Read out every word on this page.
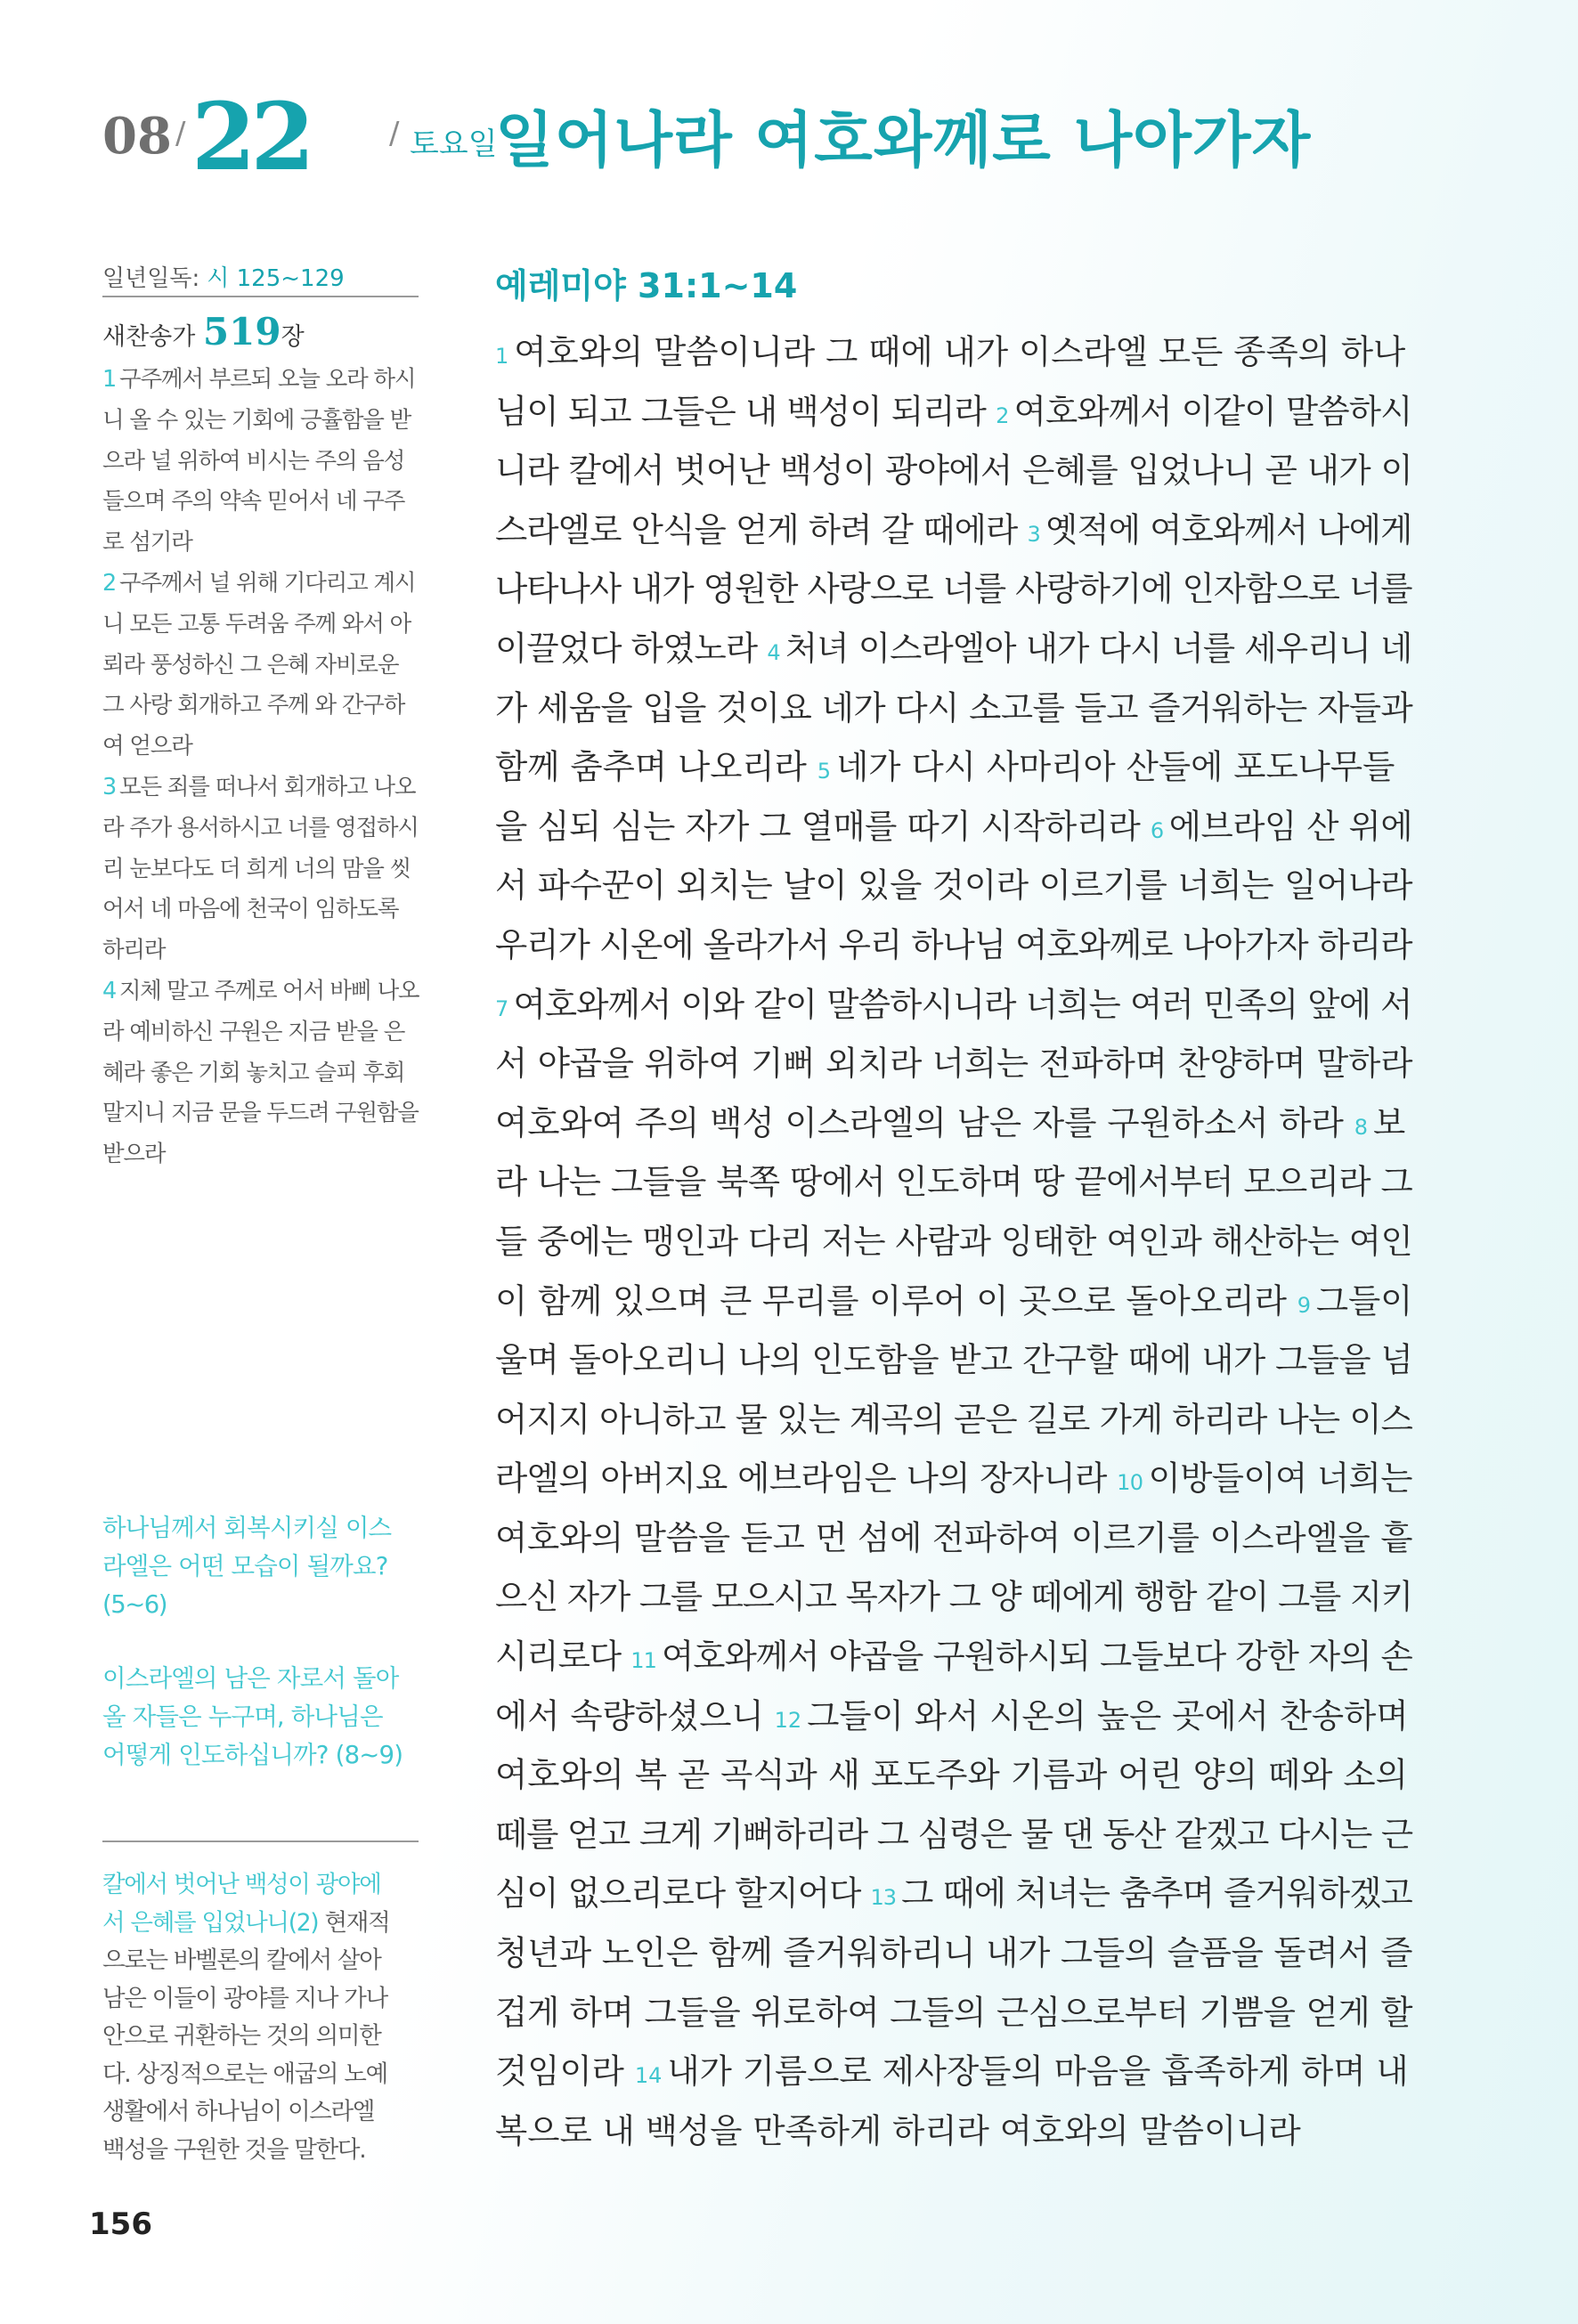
08 / 22	/ 토요일
일어나라 여호와께로 나아가자
일년일독: 시 125~129
새찬송가 519장
1 구주께서 부르되 오늘 오라 하시
니 올 수 있는 기회에 긍휼함을 받
으라 널 위하여 비시는 주의 음성
들으며 주의 약속 믿어서 네 구주
로 섬기라
2 구주께서 널 위해 기다리고 계시
니 모든 고통 두려움 주께 와서 아
뢰라 풍성하신 그 은혜 자비로운
그 사랑 회개하고 주께 와 간구하
여 얻으라
3 모든 죄를 떠나서 회개하고 나오
라 주가 용서하시고 너를 영접하시
리 눈보다도 더 희게 너의 맘을 씻
어서 네 마음에 천국이 임하도록
하리라
4 지체 말고 주께로 어서 바삐 나오
라 예비하신 구원은 지금 받을 은
혜라 좋은 기회 놓치고 슬피 후회
말지니 지금 문을 두드려 구원함을
받으라
하나님께서 회복시키실 이스
라엘은 어떤 모습이 될까요?
(5~6)
이스라엘의 남은 자로서 돌아
올 자들은 누구며, 하나님은
어떻게 인도하십니까? (8~9)
칼에서 벗어난 백성이 광야에
서 은혜를 입었나니(2) 현재적
으로는 바벨론의 칼에서 살아
남은 이들이 광야를 지나 가나
안으로 귀환하는 것의 의미한
다. 상징적으로는 애굽의 노예
생활에서 하나님이 이스라엘
백성을 구원한 것을 말한다.
156
예레미야 31:1~14
1 여호와의 말씀이니라 그 때에 내가 이스라엘 모든 종족의 하나
님이 되고 그들은 내 백성이 되리라 2 여호와께서 이같이 말씀하시
니라 칼에서 벗어난 백성이 광야에서 은혜를 입었나니 곧 내가 이
스라엘로 안식을 얻게 하려 갈 때에라 3 옛적에 여호와께서 나에게
나타나사 내가 영원한 사랑으로 너를 사랑하기에 인자함으로 너를
이끌었다 하였노라 4 처녀 이스라엘아 내가 다시 너를 세우리니 네
가 세움을 입을 것이요 네가 다시 소고를 들고 즐거워하는 자들과
함께 춤추며 나오리라 5 네가 다시 사마리아 산들에 포도나무들
을 심되 심는 자가 그 열매를 따기 시작하리라 6 에브라임 산 위에
서 파수꾼이 외치는 날이 있을 것이라 이르기를 너희는 일어나라
우리가 시온에 올라가서 우리 하나님 여호와께로 나아가자 하리라
7 여호와께서 이와 같이 말씀하시니라 너희는 여러 민족의 앞에 서
서 야곱을 위하여 기뻐 외치라 너희는 전파하며 찬양하며 말하라
여호와여 주의 백성 이스라엘의 남은 자를 구원하소서 하라 8 보
라 나는 그들을 북쪽 땅에서 인도하며 땅 끝에서부터 모으리라 그
들 중에는 맹인과 다리 저는 사람과 잉태한 여인과 해산하는 여인
이 함께 있으며 큰 무리를 이루어 이 곳으로 돌아오리라 9 그들이
울며 돌아오리니 나의 인도함을 받고 간구할 때에 내가 그들을 넘
어지지 아니하고 물 있는 계곡의 곧은 길로 가게 하리라 나는 이스
라엘의 아버지요 에브라임은 나의 장자니라 10 이방들이여 너희는
여호와의 말씀을 듣고 먼 섬에 전파하여 이르기를 이스라엘을 흩
으신 자가 그를 모으시고 목자가 그 양 떼에게 행함 같이 그를 지키
시리로다 11 여호와께서 야곱을 구원하시되 그들보다 강한 자의 손
에서 속량하셨으니 12 그들이 와서 시온의 높은 곳에서 찬송하며
여호와의 복 곧 곡식과 새 포도주와 기름과 어린 양의 떼와 소의
떼를 얻고 크게 기뻐하리라 그 심령은 물 댄 동산 같겠고 다시는 근
심이 없으리로다 할지어다 13 그 때에 처녀는 춤추며 즐거워하겠고
청년과 노인은 함께 즐거워하리니 내가 그들의 슬픔을 돌려서 즐
겁게 하며 그들을 위로하여 그들의 근심으로부터 기쁨을 얻게 할
것임이라 14 내가 기름으로 제사장들의 마음을 흡족하게 하며 내
복으로 내 백성을 만족하게 하리라 여호와의 말씀이니라
